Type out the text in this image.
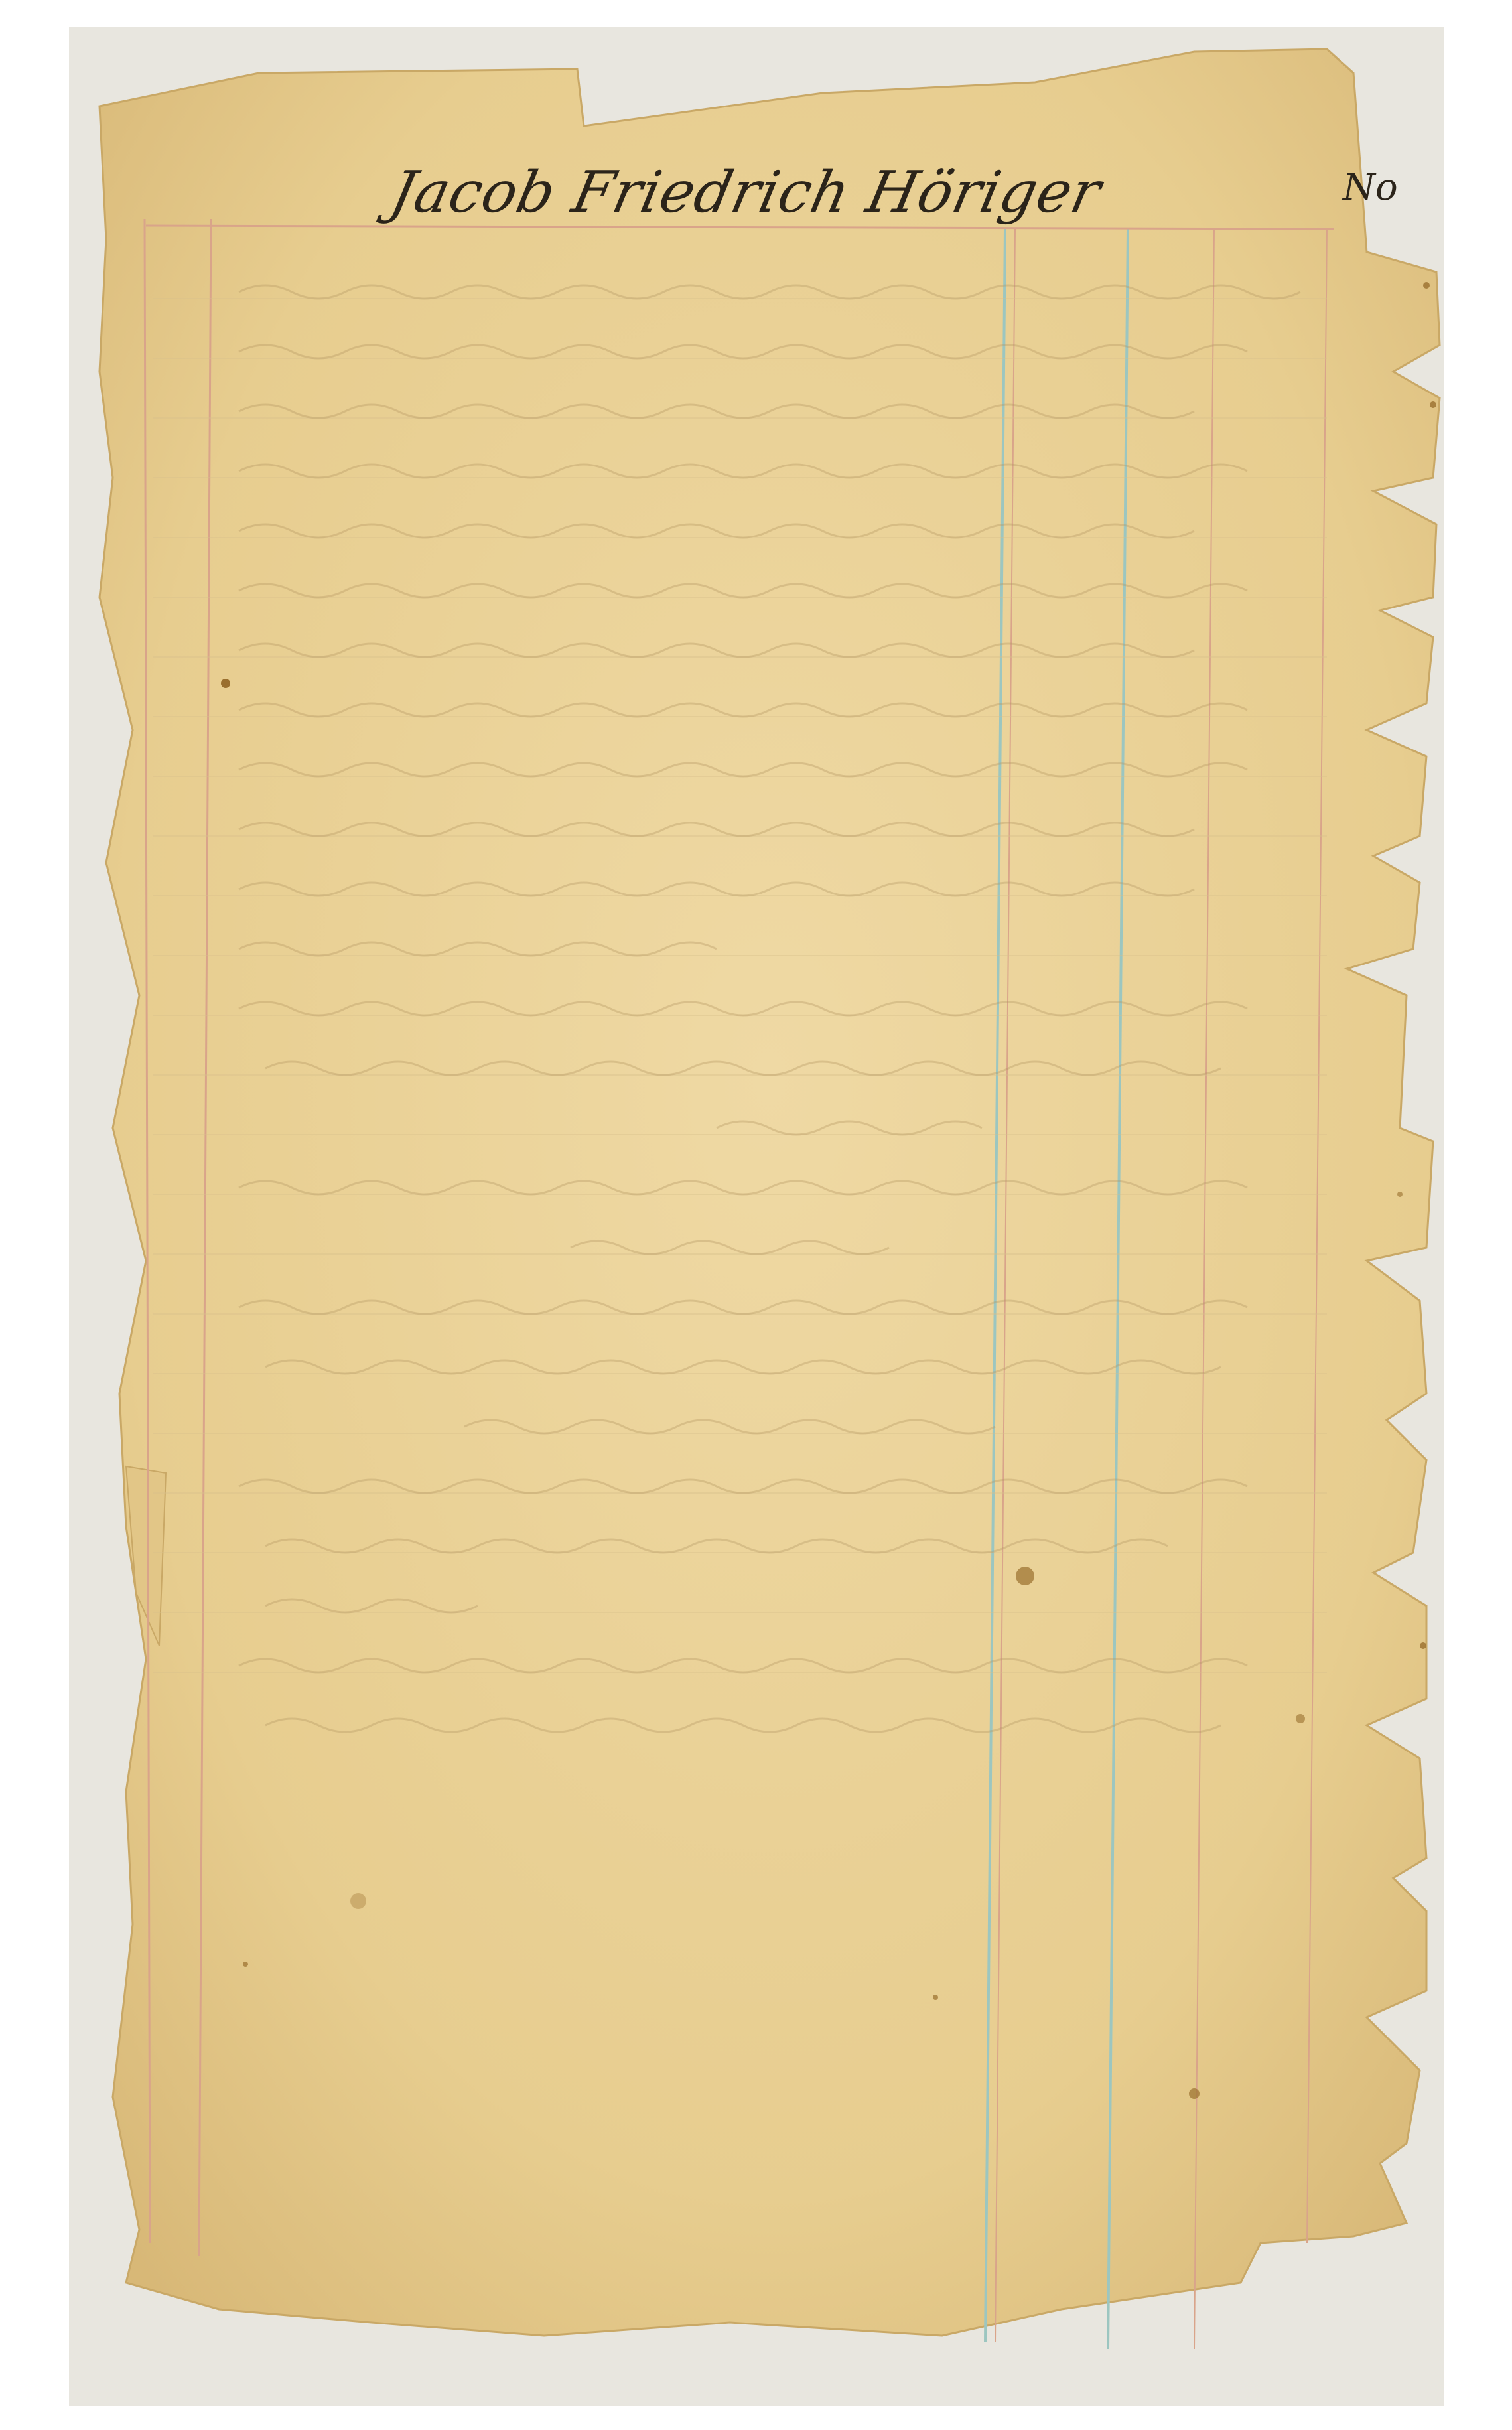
Jacob Friedrich Höriger	No
